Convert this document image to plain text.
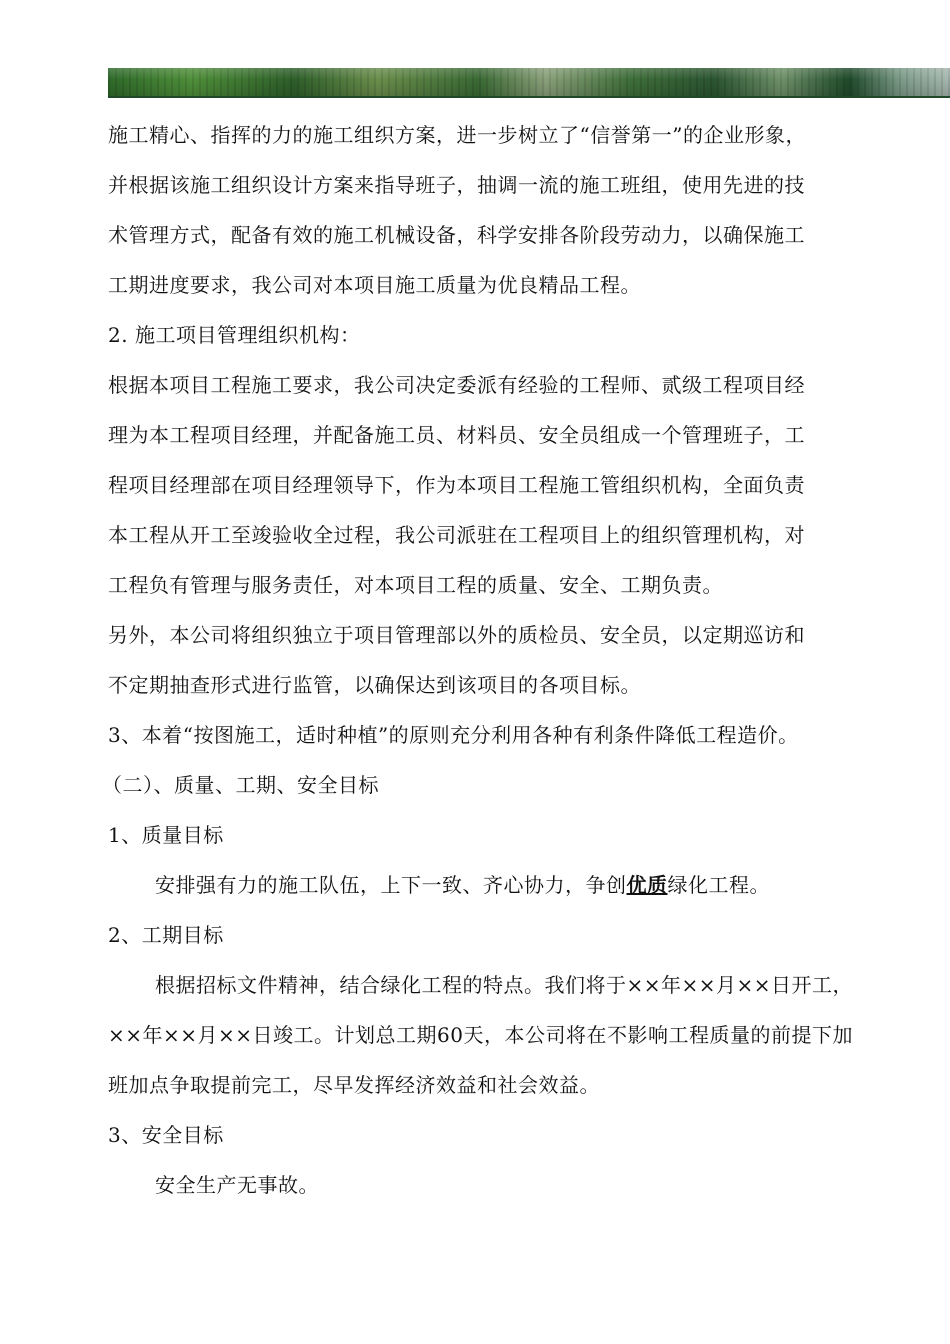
施工精心、指挥的力的施工组织方案，进一步树立了“信誉第一”的企业形象，
并根据该施工组织设计方案来指导班子，抽调一流的施工班组，使用先进的技
术管理方式，配备有效的施工机械设备，科学安排各阶段劳动力，以确保施工
工期进度要求，我公司对本项目施工质量为优良精品工程。
2. 施工项目管理组织机构：
根据本项目工程施工要求，我公司决定委派有经验的工程师、贰级工程项目经
理为本工程项目经理，并配备施工员、材料员、安全员组成一个管理班子，工
程项目经理部在项目经理领导下，作为本项目工程施工管组织机构，全面负责
本工程从开工至竣验收全过程，我公司派驻在工程项目上的组织管理机构，对
工程负有管理与服务责任，对本项目工程的质量、安全、工期负责。
另外，本公司将组织独立于项目管理部以外的质检员、安全员，以定期巡访和
不定期抽查形式进行监管，以确保达到该项目的各项目标。
3、本着“按图施工，适时种植”的原则充分利用各种有利条件降低工程造价。
（二）、质量、工期、安全目标
1、质量目标
安排强有力的施工队伍，上下一致、齐心协力，争创优质绿化工程。
2、工期目标
根据招标文件精神，结合绿化工程的特点。我们将于××年××月××日开工，
××年××月××日竣工。计划总工期60天，本公司将在不影响工程质量的前提下加
班加点争取提前完工，尽早发挥经济效益和社会效益。
3、安全目标
安全生产无事故。
